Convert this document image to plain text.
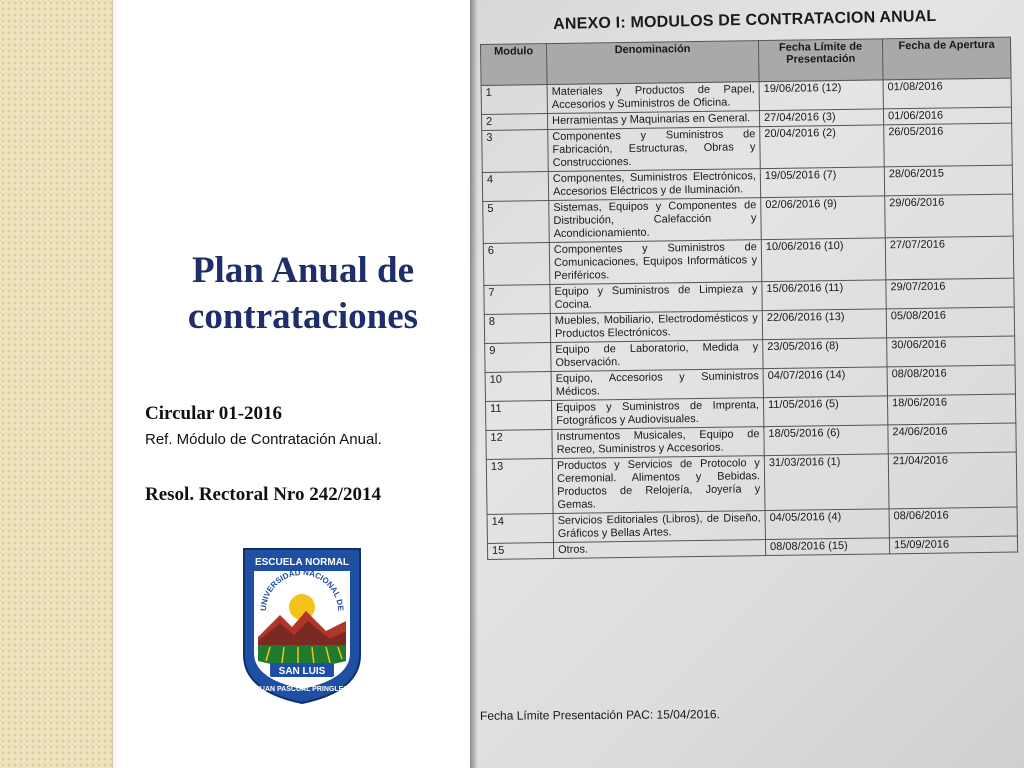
Plan Anual de contrataciones
Circular 01-2016
Ref. Módulo de Contratación Anual.
Resol. Rectoral Nro 242/2014
ESCUELA NORMAL
UNIVERSIDAD NACIONAL DE
SAN LUIS
JUAN PASCUAL PRINGLES
ANEXO I: MODULOS DE CONTRATACION ANUAL
Modulo	Denominación	Fecha Límite de Presentación	Fecha de Apertura
1	Materiales y Productos de Papel, Accesorios y Suministros de Oficina.	19/06/2016 (12)	01/08/2016
2	Herramientas y Maquinarias en General.	27/04/2016 (3)	01/06/2016
3	Componentes y Suministros de Fabricación, Estructuras, Obras y Construcciones.	20/04/2016 (2)	26/05/2016
4	Componentes, Suministros Electrónicos, Accesorios Eléctricos y de Iluminación.	19/05/2016 (7)	28/06/2015
5	Sistemas, Equipos y Componentes de Distribución, Calefacción y Acondicionamiento.	02/06/2016 (9)	29/06/2016
6	Componentes y Suministros de Comunicaciones, Equipos Informáticos y Periféricos.	10/06/2016 (10)	27/07/2016
7	Equipo y Suministros de Limpieza y Cocina.	15/06/2016 (11)	29/07/2016
8	Muebles, Mobiliario, Electrodomésticos y Productos Electrónicos.	22/06/2016 (13)	05/08/2016
9	Equipo de Laboratorio, Medida y Observación.	23/05/2016 (8)	30/06/2016
10	Equipo, Accesorios y Suministros Médicos.	04/07/2016 (14)	08/08/2016
11	Equipos y Suministros de Imprenta, Fotográficos y Audiovisuales.	11/05/2016 (5)	18/06/2016
12	Instrumentos Musicales, Equipo de Recreo, Suministros y Accesorios.	18/05/2016 (6)	24/06/2016
13	Productos y Servicios de Protocolo y Ceremonial. Alimentos y Bebidas. Productos de Relojería, Joyería y Gemas.	31/03/2016 (1)	21/04/2016
14	Servicios Editoriales (Libros), de Diseño, Gráficos y Bellas Artes.	04/05/2016 (4)	08/06/2016
15	Otros.	08/08/2016 (15)	15/09/2016
Fecha Límite Presentación PAC: 15/04/2016.
